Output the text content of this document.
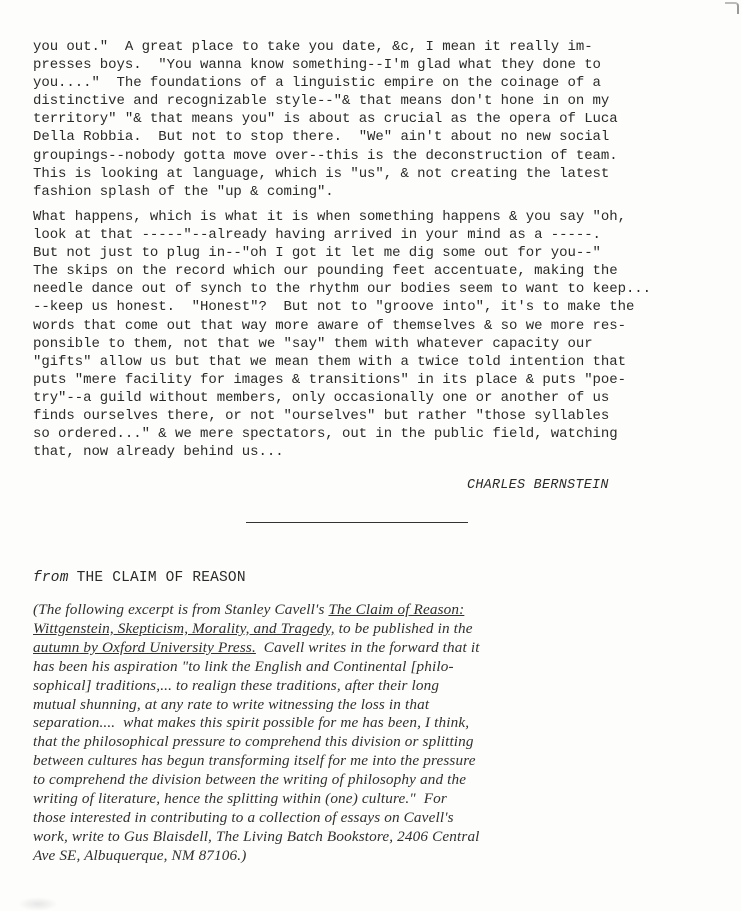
you out."  A great place to take you date, &c, I mean it really im-
presses boys.  "You wanna know something--I'm glad what they done to
you...."  The foundations of a linguistic empire on the coinage of a
distinctive and recognizable style--"& that means don't hone in on my
territory" "& that means you" is about as crucial as the opera of Luca
Della Robbia.  But not to stop there.  "We" ain't about no new social
groupings--nobody gotta move over--this is the deconstruction of team.
This is looking at language, which is "us", & not creating the latest
fashion splash of the "up & coming".
What happens, which is what it is when something happens & you say "oh,
look at that -----"--already having arrived in your mind as a -----.
But not just to plug in--"oh I got it let me dig some out for you--"
The skips on the record which our pounding feet accentuate, making the
needle dance out of synch to the rhythm our bodies seem to want to keep...
--keep us honest.  "Honest"?  But not to "groove into", it's to make the
words that come out that way more aware of themselves & so we more res-
ponsible to them, not that we "say" them with whatever capacity our
"gifts" allow us but that we mean them with a twice told intention that
puts "mere facility for images & transitions" in its place & puts "poe-
try"--a guild without members, only occasionally one or another of us
finds ourselves there, or not "ourselves" but rather "those syllables
so ordered..." & we mere spectators, out in the public field, watching
that, now already behind us...
CHARLES BERNSTEIN
from THE CLAIM OF REASON
(The following excerpt is from Stanley Cavell's The Claim of Reason:
Wittgenstein, Skepticism, Morality, and Tragedy, to be published in the
autumn by Oxford University Press.  Cavell writes in the forward that it
has been his aspiration "to link the English and Continental [philo-
sophical] traditions,... to realign these traditions, after their long
mutual shunning, at any rate to write witnessing the loss in that
separation....  what makes this spirit possible for me has been, I think,
that the philosophical pressure to comprehend this division or splitting
between cultures has begun transforming itself for me into the pressure
to comprehend the division between the writing of philosophy and the
writing of literature, hence the splitting within (one) culture."  For
those interested in contributing to a collection of essays on Cavell's
work, write to Gus Blaisdell, The Living Batch Bookstore, 2406 Central
Ave SE, Albuquerque, NM 87106.)
